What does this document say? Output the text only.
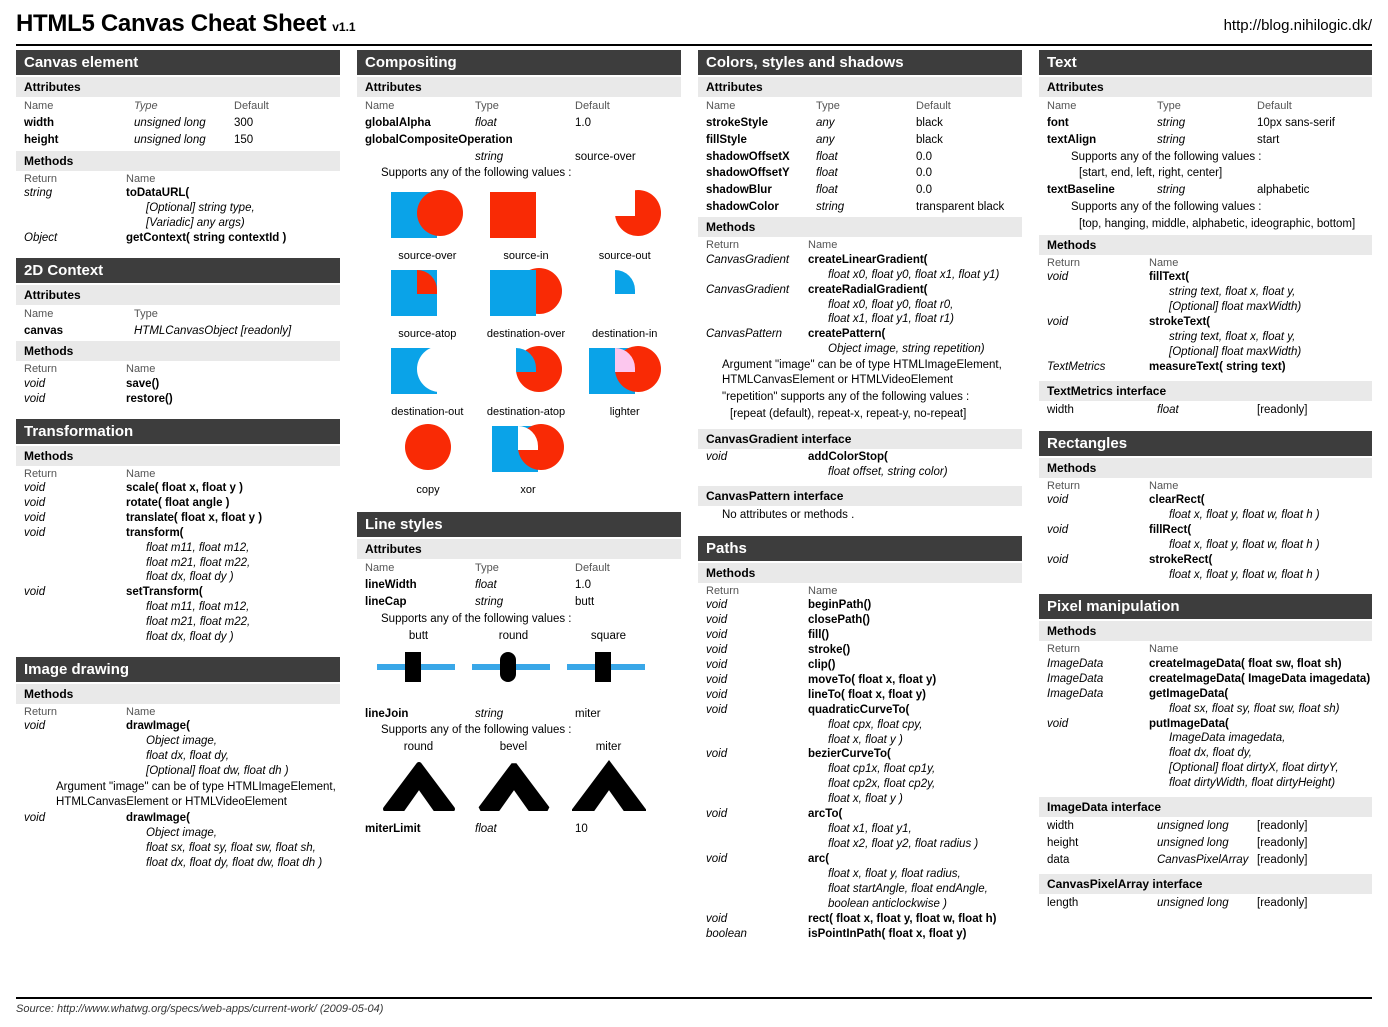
HTML5 Canvas Cheat Sheet v1.1	http://blog.nihilogic.dk/
Source: http://www.whatwg.org/specs/web-apps/current-work/ (2009-05-04)
Canvas element
Attributes
Name	Type	Default
width	unsigned long	300
height	unsigned long	150
Methods
Return	Name
string	toDataURL(
[Optional] string type,
[Variadic] any args)
Object	getContext( string contextId )
2D Context
Attributes
Name	Type
canvas	HTMLCanvasObject [readonly]
Methods
Return	Name
void	save()
void	restore()
Transformation
Methods
Return	Name
void	scale( float x, float y )
void	rotate( float angle )
void	translate( float x, float y )
void	transform(
float m11, float m12,
float m21, float m22,
float dx, float dy )
void	setTransform(
float m11, float m12,
float m21, float m22,
float dx, float dy )
Image drawing
Methods
Return	Name
void	drawImage(
Object image,
float dx, float dy,
[Optional] float dw, float dh )
Argument "image" can be of type HTMLImageElement, HTMLCanvasElement or HTMLVideoElement
void	drawImage(
Object image,
float sx, float sy, float sw, float sh,
float dx, float dy, float dw, float dh )
Compositing
Attributes
Name	Type	Default
globalAlpha	float	1.0
globalCompositeOperation		
	string	source-over
Supports any of the following values :
source-over	source-in	source-out
source-atop	destination-over	destination-in
destination-out	destination-atop	lighter
copy	xor
Line styles
Attributes
Name	Type	Default
lineWidth	float	1.0
lineCap	string	butt
Supports any of the following values :
butt	round	square
lineJoin	string	miter
Supports any of the following values :
round	bevel	miter
miterLimit	float	10
Colors, styles and shadows
Attributes
Name	Type	Default
strokeStyle	any	black
fillStyle	any	black
shadowOffsetX	float	0.0
shadowOffsetY	float	0.0
shadowBlur	float	0.0
shadowColor	string	transparent black
Methods
Return	Name
CanvasGradient	createLinearGradient(
float x0, float y0, float x1, float y1)
CanvasGradient	createRadialGradient(
float x0, float y0, float r0,
float x1, float y1, float r1)
CanvasPattern	createPattern(
Object image, string repetition)
Argument "image" can be of type HTMLImageElement, HTMLCanvasElement or HTMLVideoElement
"repetition" supports any of the following values :
[repeat (default), repeat-x, repeat-y, no-repeat]
CanvasGradient interface
void	addColorStop(
float offset, string color)
CanvasPattern interface
No attributes or methods .
Paths
Methods
Return	Name
void	beginPath()
void	closePath()
void	fill()
void	stroke()
void	clip()
void	moveTo( float x, float y)
void	lineTo( float x, float y)
void	quadraticCurveTo(
float cpx, float cpy,
float x, float y )
void	bezierCurveTo(
float cp1x, float cp1y,
float cp2x, float cp2y,
float x, float y )
void	arcTo(
float x1, float y1,
float x2, float y2, float radius )
void	arc(
float x, float y, float radius,
float startAngle, float endAngle,
boolean anticlockwise )
void	rect( float x, float y, float w, float h)
boolean	isPointInPath( float x, float y)
Text
Attributes
Name	Type	Default
font	string	10px sans-serif
textAlign	string	start
Supports any of the following values :
[start, end, left, right, center]
textBaseline	string	alphabetic
Supports any of the following values :
[top, hanging, middle, alphabetic, ideographic, bottom]
Methods
Return	Name
void	fillText(
string text, float x, float y,
[Optional] float maxWidth)
void	strokeText(
string text, float x, float y,
[Optional] float maxWidth)
TextMetrics	measureText( string text)
TextMetrics interface
width	float	[readonly]
Rectangles
Methods
Return	Name
void	clearRect(
float x, float y, float w, float h )
void	fillRect(
float x, float y, float w, float h )
void	strokeRect(
float x, float y, float w, float h )
Pixel manipulation
Methods
Return	Name
ImageData	createImageData( float sw, float sh)
ImageData	createImageData( ImageData imagedata)
ImageData	getImageData(
float sx, float sy, float sw, float sh)
void	putImageData(
ImageData imagedata,
float dx, float dy,
[Optional] float dirtyX, float dirtyY,
float dirtyWidth, float dirtyHeight)
ImageData interface
width	unsigned long	[readonly]
height	unsigned long	[readonly]
data	CanvasPixelArray	[readonly]
CanvasPixelArray interface
length	unsigned long	[readonly]
